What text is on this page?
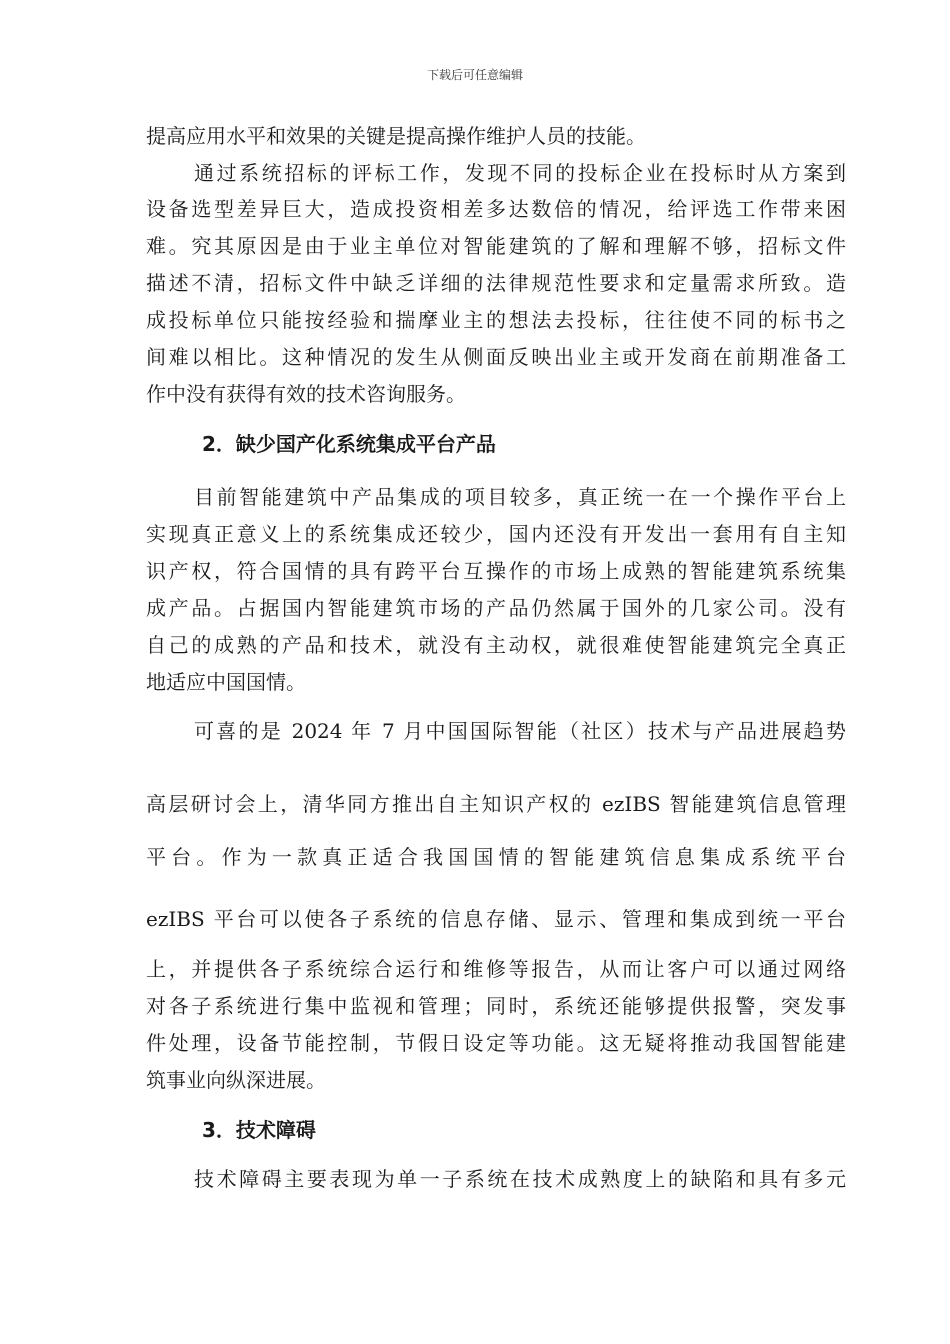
下载后可任意编辑
提高应用水平和效果的关键是提高操作维护人员的技能。
通过系统招标的评标工作，发现不同的投标企业在投标时从方案到
设备选型差异巨大，造成投资相差多达数倍的情况，给评选工作带来困
难。究其原因是由于业主单位对智能建筑的了解和理解不够，招标文件
描述不清，招标文件中缺乏详细的法律规范性要求和定量需求所致。造
成投标单位只能按经验和揣摩业主的想法去投标，往往使不同的标书之
间难以相比。这种情况的发生从侧面反映出业主或开发商在前期准备工
作中没有获得有效的技术咨询服务。
2．缺少国产化系统集成平台产品
目前智能建筑中产品集成的项目较多，真正统一在一个操作平台上
实现真正意义上的系统集成还较少，国内还没有开发出一套用有自主知
识产权，符合国情的具有跨平台互操作的市场上成熟的智能建筑系统集
成产品。占据国内智能建筑市场的产品仍然属于国外的几家公司。没有
自己的成熟的产品和技术，就没有主动权，就很难使智能建筑完全真正
地适应中国国情。
可喜的是 2024 年 7 月中国国际智能（社区）技术与产品进展趋势
高层研讨会上，清华同方推出自主知识产权的 ezIBS 智能建筑信息管理
平台。作为一款真正适合我国国情的智能建筑信息集成系统平台
ezIBS 平台可以使各子系统的信息存储、显示、管理和集成到统一平台
上，并提供各子系统综合运行和维修等报告，从而让客户可以通过网络
对各子系统进行集中监视和管理；同时，系统还能够提供报警，突发事
件处理，设备节能控制，节假日设定等功能。这无疑将推动我国智能建
筑事业向纵深进展。
3．技术障碍
技术障碍主要表现为单一子系统在技术成熟度上的缺陷和具有多元
